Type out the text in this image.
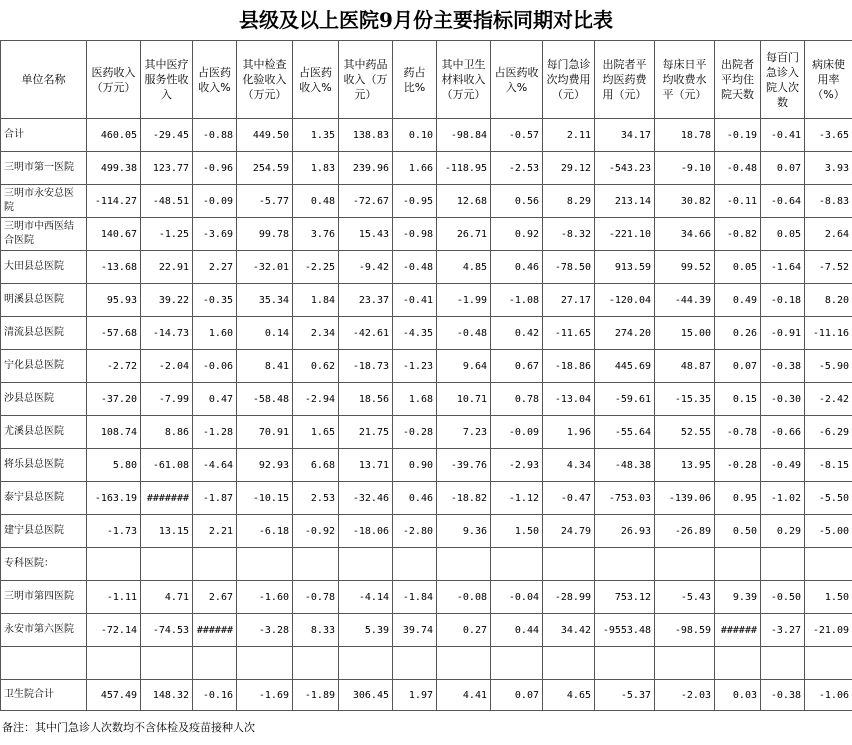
县级及以上医院9月份主要指标同期对比表
单位名称	医药收入（万元）	其中医疗服务性收入	占医药收入%	其中检查化验收入（万元）	占医药收入%	其中药品收入（万元）	药占比%	其中卫生材料收入（万元）	占医药收入%	每门急诊次均费用（元）	出院者平均医药费用（元）	每床日平均收费水平（元）	出院者平均住院天数	每百门急诊入院人次数	病床使用率（%）
合计	460.05	-29.45	-0.88	449.50	1.35	138.83	0.10	-98.84	-0.57	2.11	34.17	18.78	-0.19	-0.41	-3.65
三明市第一医院	499.38	123.77	-0.96	254.59	1.83	239.96	1.66	-118.95	-2.53	29.12	-543.23	-9.10	-0.48	0.07	3.93
三明市永安总医院	-114.27	-48.51	-0.09	-5.77	0.48	-72.67	-0.95	12.68	0.56	8.29	213.14	30.82	-0.11	-0.64	-8.83
三明市中西医结合医院	140.67	-1.25	-3.69	99.78	3.76	15.43	-0.98	26.71	0.92	-8.32	-221.10	34.66	-0.82	0.05	2.64
大田县总医院	-13.68	22.91	2.27	-32.01	-2.25	-9.42	-0.48	4.85	0.46	-78.50	913.59	99.52	0.05	-1.64	-7.52
明溪县总医院	95.93	39.22	-0.35	35.34	1.84	23.37	-0.41	-1.99	-1.08	27.17	-120.04	-44.39	0.49	-0.18	8.20
清流县总医院	-57.68	-14.73	1.60	0.14	2.34	-42.61	-4.35	-0.48	0.42	-11.65	274.20	15.00	0.26	-0.91	-11.16
宁化县总医院	-2.72	-2.04	-0.06	8.41	0.62	-18.73	-1.23	9.64	0.67	-18.86	445.69	48.87	0.07	-0.38	-5.90
沙县总医院	-37.20	-7.99	0.47	-58.48	-2.94	18.56	1.68	10.71	0.78	-13.04	-59.61	-15.35	0.15	-0.30	-2.42
尤溪县总医院	108.74	8.86	-1.28	70.91	1.65	21.75	-0.28	7.23	-0.09	1.96	-55.64	52.55	-0.78	-0.66	-6.29
将乐县总医院	5.80	-61.08	-4.64	92.93	6.68	13.71	0.90	-39.76	-2.93	4.34	-48.38	13.95	-0.28	-0.49	-8.15
泰宁县总医院	-163.19	#######	-1.87	-10.15	2.53	-32.46	0.46	-18.82	-1.12	-0.47	-753.03	-139.06	0.95	-1.02	-5.50
建宁县总医院	-1.73	13.15	2.21	-6.18	-0.92	-18.06	-2.80	9.36	1.50	24.79	26.93	-26.89	0.50	0.29	-5.00
专科医院：															
三明市第四医院	-1.11	4.71	2.67	-1.60	-0.78	-4.14	-1.84	-0.08	-0.04	-28.99	753.12	-5.43	9.39	-0.50	1.50
永安市第六医院	-72.14	-74.53	######	-3.28	8.33	5.39	39.74	0.27	0.44	34.42	-9553.48	-98.59	######	-3.27	-21.09

卫生院合计	457.49	148.32	-0.16	-1.69	-1.89	306.45	1.97	4.41	0.07	4.65	-5.37	-2.03	0.03	-0.38	-1.06
备注：其中门急诊人次数均不含体检及疫苗接种人次
